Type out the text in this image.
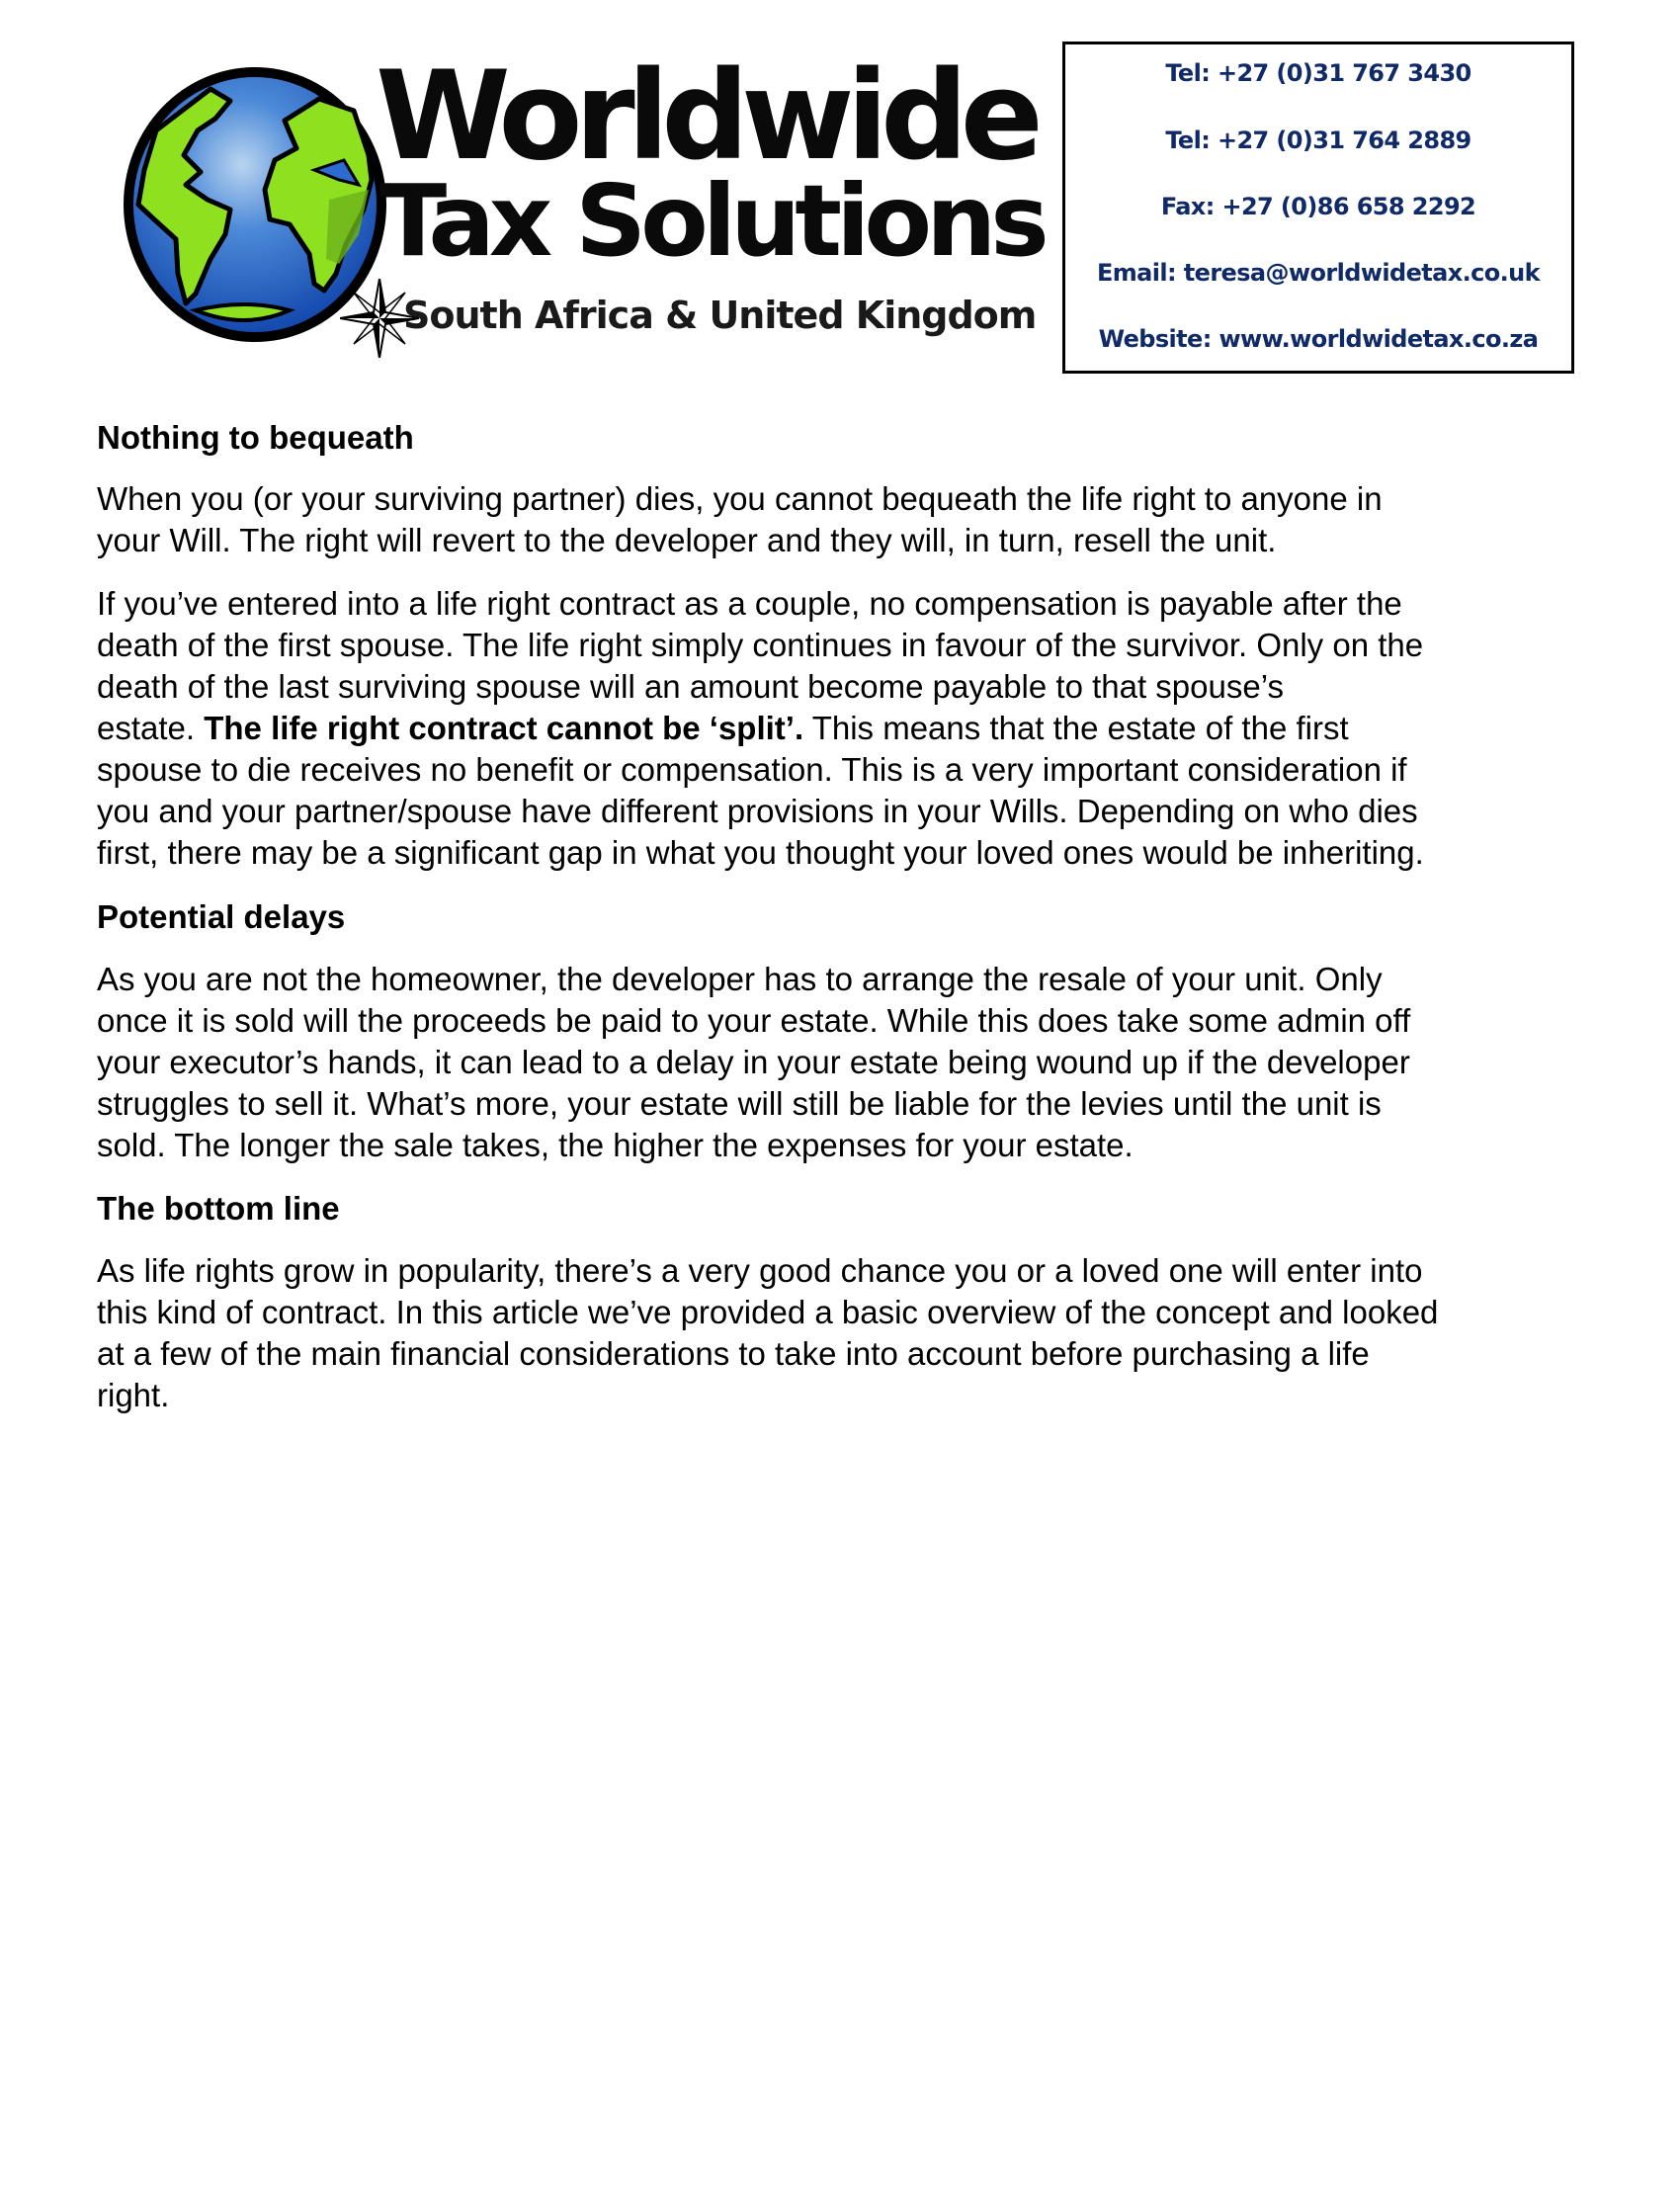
Worldwide
Tax Solutions
South Africa & United Kingdom
Tel: +27 (0)31 767 3430
Tel: +27 (0)31 764 2889
Fax: +27 (0)86 658 2292
Email: teresa@worldwidetax.co.uk
Website: www.worldwidetax.co.za
Nothing to bequeath
When you (or your surviving partner) dies, you cannot bequeath the life right to anyone in
your Will. The right will revert to the developer and they will, in turn, resell the unit.
If you’ve entered into a life right contract as a couple, no compensation is payable after the
death of the first spouse. The life right simply continues in favour of the survivor. Only on the
death of the last surviving spouse will an amount become payable to that spouse’s
estate. The life right contract cannot be ‘split’. This means that the estate of the first
spouse to die receives no benefit or compensation. This is a very important consideration if
you and your partner/spouse have different provisions in your Wills. Depending on who dies
first, there may be a significant gap in what you thought your loved ones would be inheriting.
Potential delays
As you are not the homeowner, the developer has to arrange the resale of your unit. Only
once it is sold will the proceeds be paid to your estate. While this does take some admin off
your executor’s hands, it can lead to a delay in your estate being wound up if the developer
struggles to sell it. What’s more, your estate will still be liable for the levies until the unit is
sold. The longer the sale takes, the higher the expenses for your estate.
The bottom line
As life rights grow in popularity, there’s a very good chance you or a loved one will enter into
this kind of contract. In this article we’ve provided a basic overview of the concept and looked
at a few of the main financial considerations to take into account before purchasing a life
right.
